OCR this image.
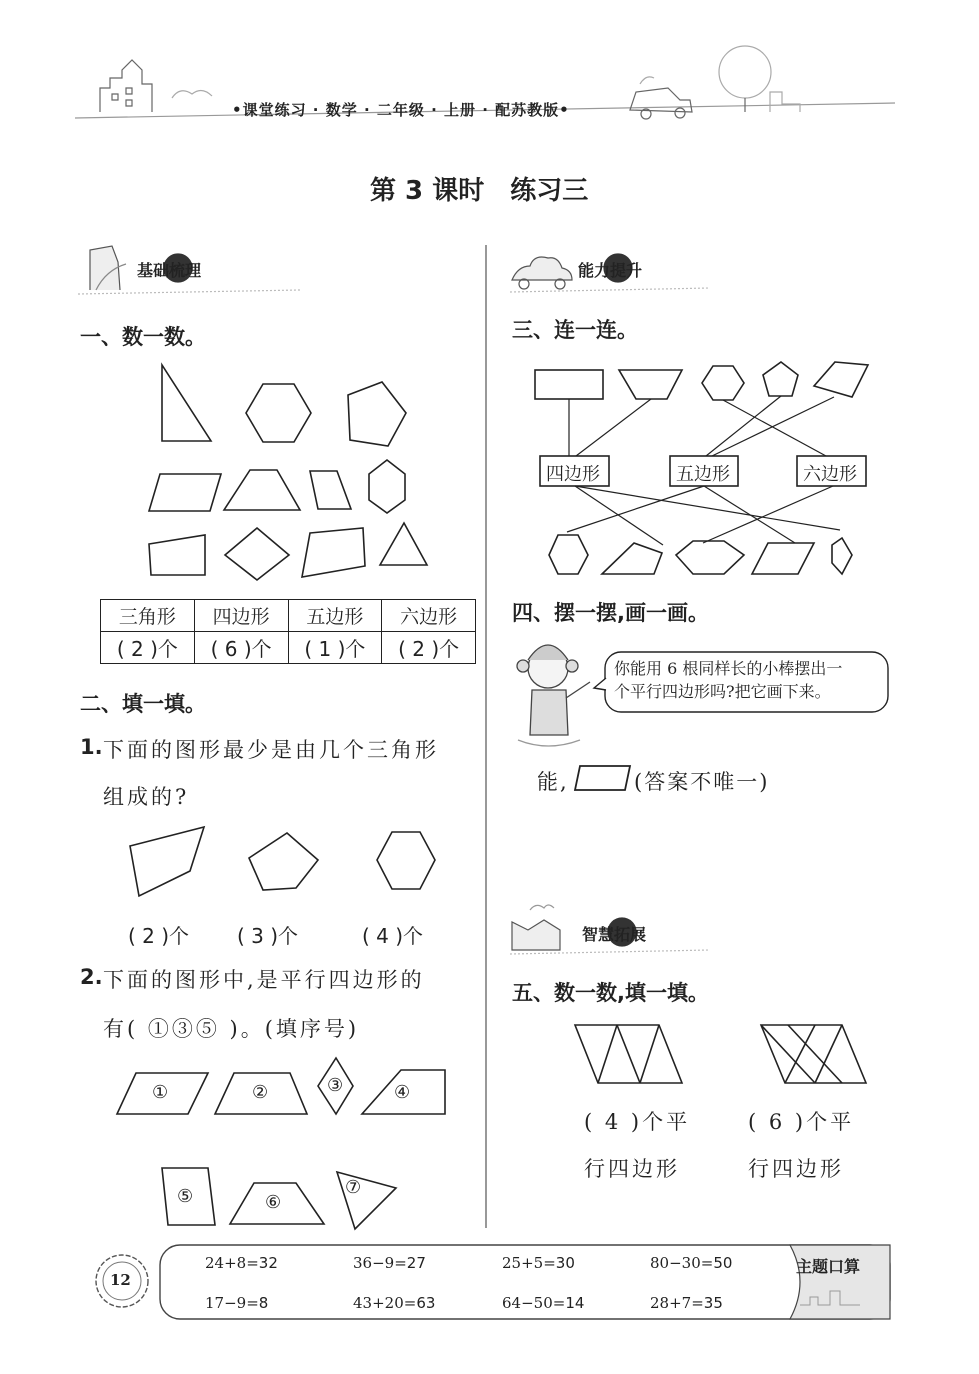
•课堂练习 · 数学 · 二年级 · 上册 · 配苏教版•
第 3 课时　练习三
基础梳理	能力提升
智慧拓展
一、数一数。
三角形	四边形	五边形	六边形
( 2 )个	( 6 )个	( 1 )个	( 2 )个
二、填一填。
1. 下面的图形最少是由几个三角形
组成的?
( 2 )个 ( 3 )个	( 4 )个
2. 下面的图形中,是平行四边形的
有( ①③⑤ )。(填序号)
①	②	③	④
⑤	⑥
⑦
三、连一连。
四边形	五边形	六边形
四、摆一摆,画一画。
你能用 6 根同样长的小棒摆出一
个平行四边形吗?把它画下来。
能,	(答案不唯一)
五、数一数,填一填。
( 4 )个平
行四边形
( 6 )个平
行四边形
12
24+8=32	36−9=27	25+5=30	80−30=50
17−9=8	43+20=63	64−50=14	28+7=35
主题口算
